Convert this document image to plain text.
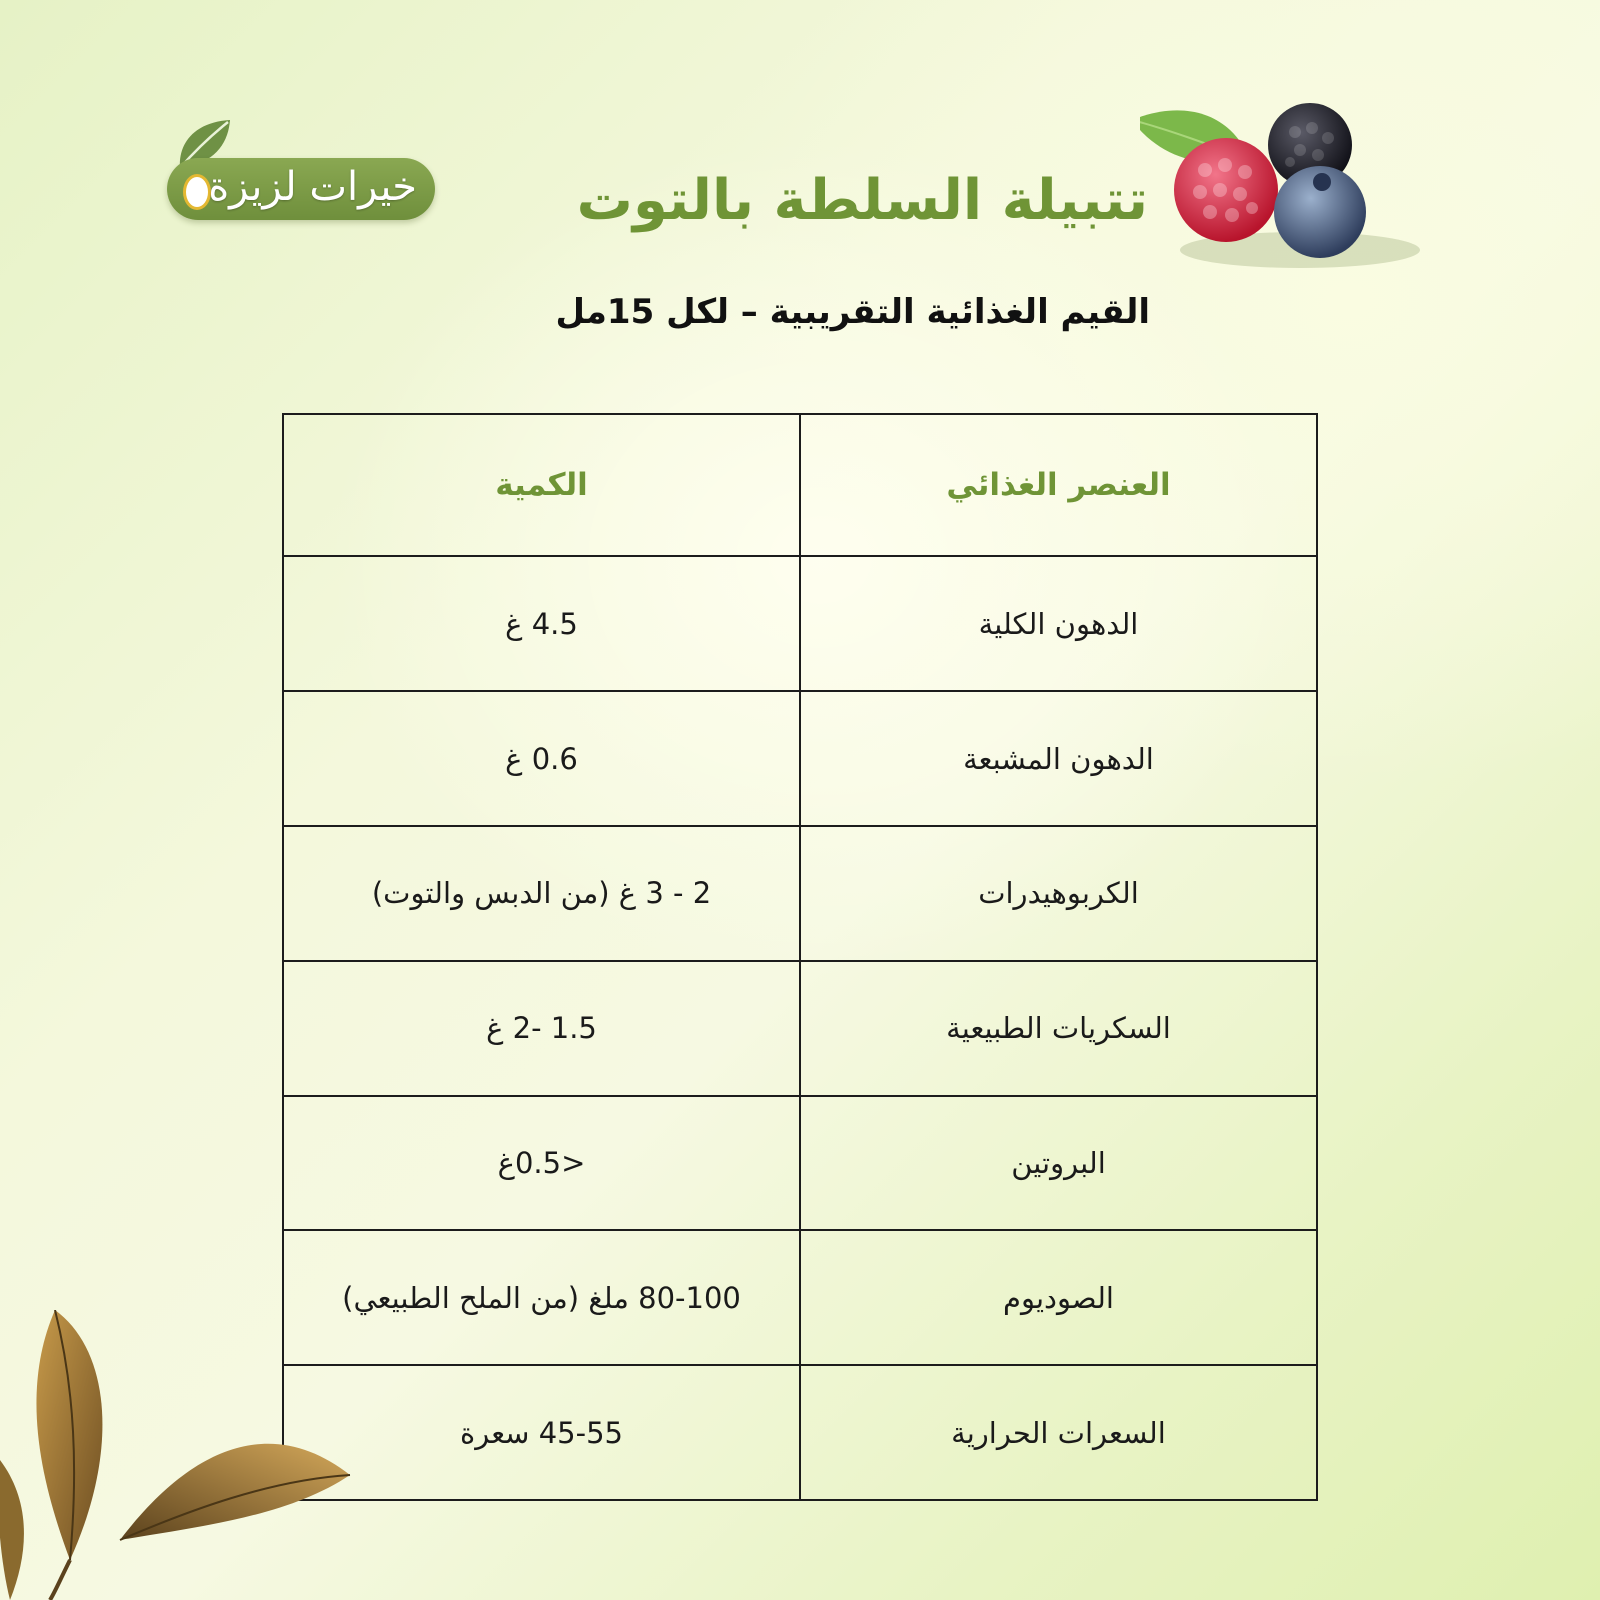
خيرات لزيزة	تتبيلة السلطة بالتوت
القيم الغذائية التقريبية – لكل 15مل
العنصر الغذائي	الكمية
الدهون الكلية	4.5 غ
الدهون المشبعة	0.6 غ
الكربوهيدرات	2 - 3 غ (من الدبس والتوت)
السكريات الطبيعية	1.5 -2 غ
البروتين	<0.5غ
الصوديوم	80-100 ملغ (من الملح الطبيعي)
السعرات الحرارية	45-55 سعرة
